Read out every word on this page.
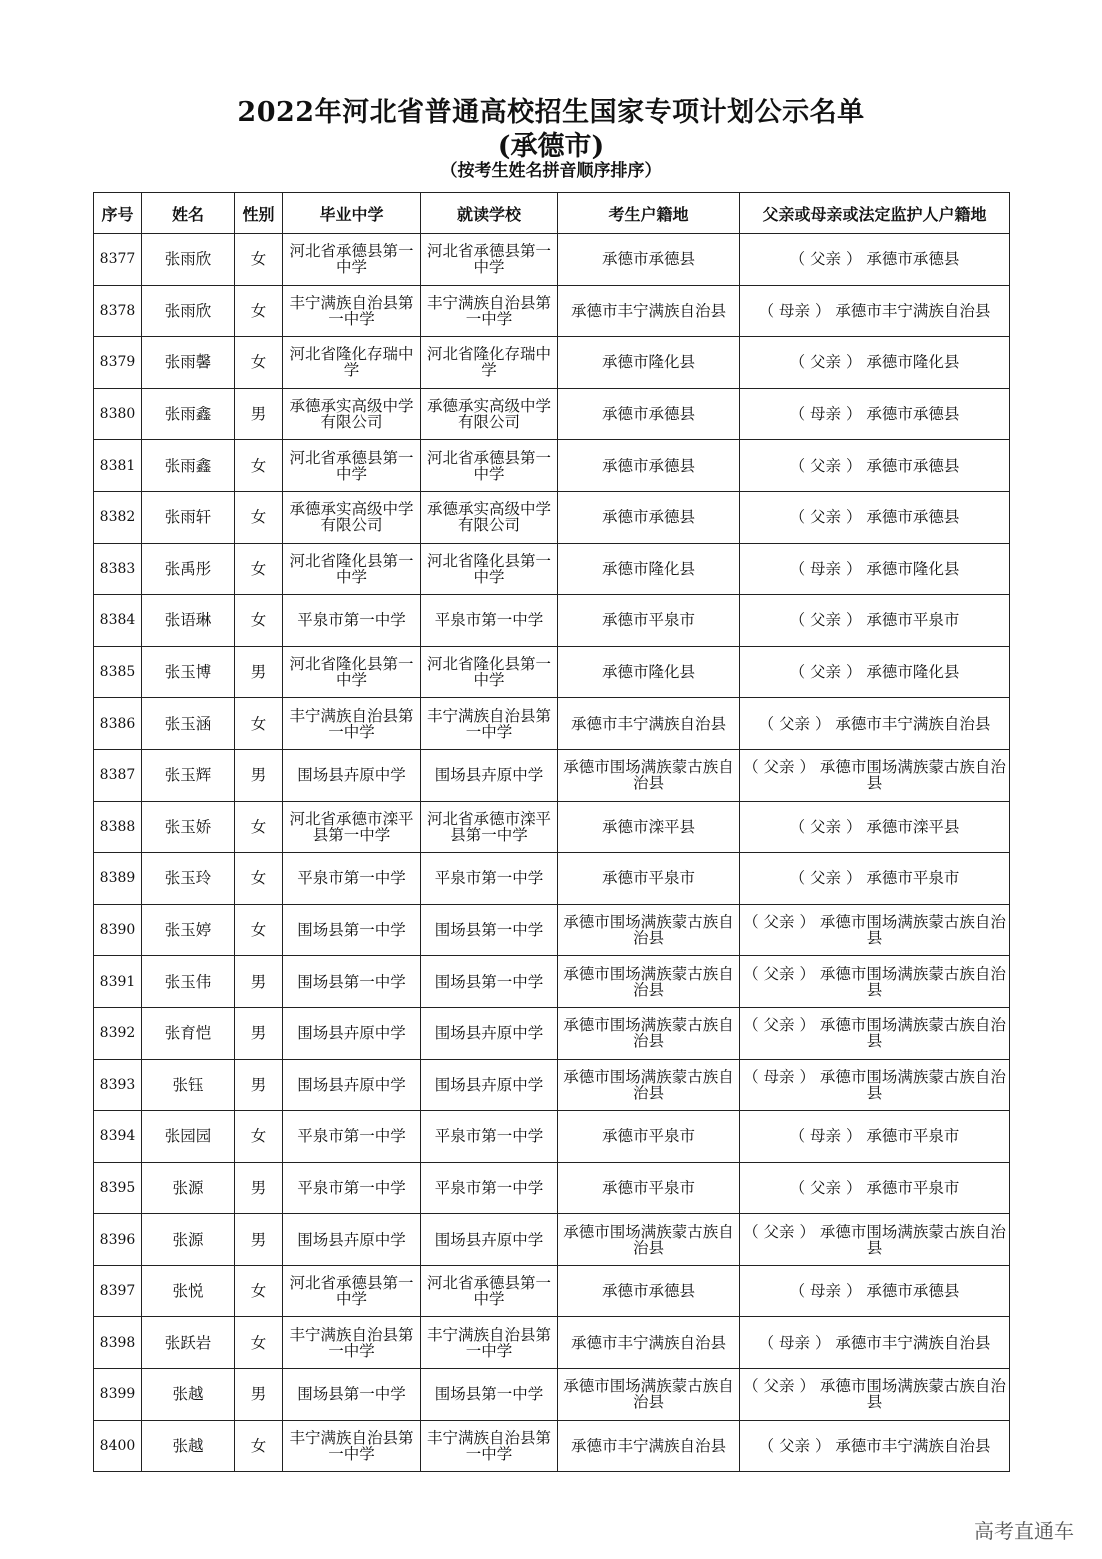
2022年河北省普通高校招生国家专项计划公示名单
(承德市)
（按考生姓名拼音顺序排序）
序号	姓名	性别	毕业中学	就读学校	考生户籍地	父亲或母亲或法定监护人户籍地
8377	张雨欣	女	河北省承德县第一中学	河北省承德县第一中学	承德市承德县	（ 父亲 ） 承德市承德县
8378	张雨欣	女	丰宁满族自治县第一中学	丰宁满族自治县第一中学	承德市丰宁满族自治县	（ 母亲 ） 承德市丰宁满族自治县
8379	张雨馨	女	河北省隆化存瑞中学	河北省隆化存瑞中学	承德市隆化县	（ 父亲 ） 承德市隆化县
8380	张雨鑫	男	承德承实高级中学有限公司	承德承实高级中学有限公司	承德市承德县	（ 母亲 ） 承德市承德县
8381	张雨鑫	女	河北省承德县第一中学	河北省承德县第一中学	承德市承德县	（ 父亲 ） 承德市承德县
8382	张雨轩	女	承德承实高级中学有限公司	承德承实高级中学有限公司	承德市承德县	（ 父亲 ） 承德市承德县
8383	张禹彤	女	河北省隆化县第一中学	河北省隆化县第一中学	承德市隆化县	（ 母亲 ） 承德市隆化县
8384	张语琳	女	平泉市第一中学	平泉市第一中学	承德市平泉市	（ 父亲 ） 承德市平泉市
8385	张玉博	男	河北省隆化县第一中学	河北省隆化县第一中学	承德市隆化县	（ 父亲 ） 承德市隆化县
8386	张玉涵	女	丰宁满族自治县第一中学	丰宁满族自治县第一中学	承德市丰宁满族自治县	（ 父亲 ） 承德市丰宁满族自治县
8387	张玉辉	男	围场县卉原中学	围场县卉原中学	承德市围场满族蒙古族自治县	（ 父亲 ） 承德市围场满族蒙古族自治县
8388	张玉娇	女	河北省承德市滦平县第一中学	河北省承德市滦平县第一中学	承德市滦平县	（ 父亲 ） 承德市滦平县
8389	张玉玲	女	平泉市第一中学	平泉市第一中学	承德市平泉市	（ 父亲 ） 承德市平泉市
8390	张玉婷	女	围场县第一中学	围场县第一中学	承德市围场满族蒙古族自治县	（ 父亲 ） 承德市围场满族蒙古族自治县
8391	张玉伟	男	围场县第一中学	围场县第一中学	承德市围场满族蒙古族自治县	（ 父亲 ） 承德市围场满族蒙古族自治县
8392	张育恺	男	围场县卉原中学	围场县卉原中学	承德市围场满族蒙古族自治县	（ 父亲 ） 承德市围场满族蒙古族自治县
8393	张钰	男	围场县卉原中学	围场县卉原中学	承德市围场满族蒙古族自治县	（ 母亲 ） 承德市围场满族蒙古族自治县
8394	张园园	女	平泉市第一中学	平泉市第一中学	承德市平泉市	（ 母亲 ） 承德市平泉市
8395	张源	男	平泉市第一中学	平泉市第一中学	承德市平泉市	（ 父亲 ） 承德市平泉市
8396	张源	男	围场县卉原中学	围场县卉原中学	承德市围场满族蒙古族自治县	（ 父亲 ） 承德市围场满族蒙古族自治县
8397	张悦	女	河北省承德县第一中学	河北省承德县第一中学	承德市承德县	（ 母亲 ） 承德市承德县
8398	张跃岩	女	丰宁满族自治县第一中学	丰宁满族自治县第一中学	承德市丰宁满族自治县	（ 母亲 ） 承德市丰宁满族自治县
8399	张越	男	围场县第一中学	围场县第一中学	承德市围场满族蒙古族自治县	（ 父亲 ） 承德市围场满族蒙古族自治县
8400	张越	女	丰宁满族自治县第一中学	丰宁满族自治县第一中学	承德市丰宁满族自治县	（ 父亲 ） 承德市丰宁满族自治县
高考直通车
